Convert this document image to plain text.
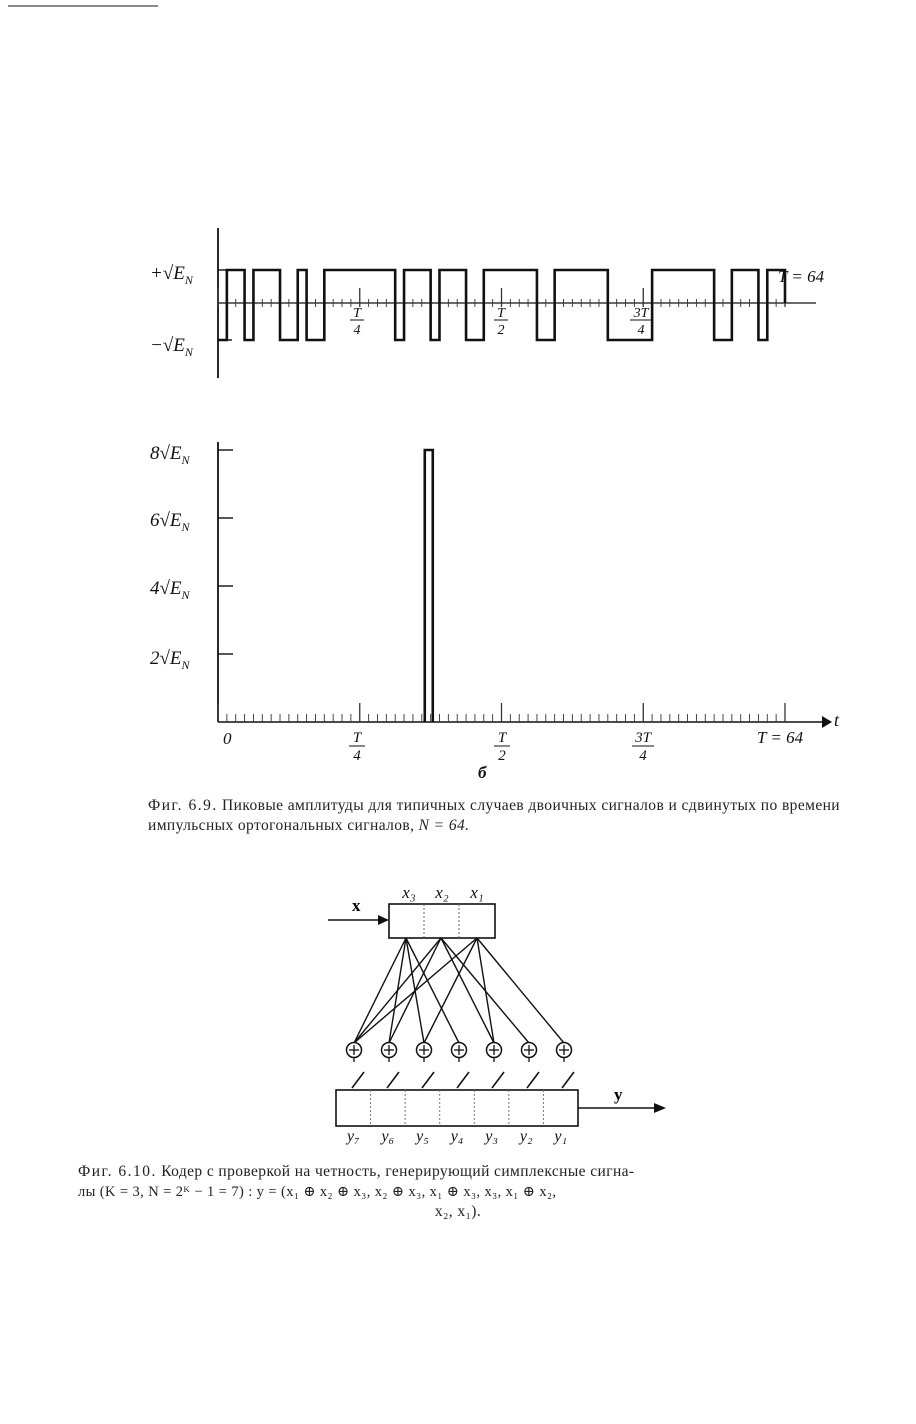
$+√E_N$
$-√E_N$
T
4
T
2
3T
4
T = 64
$8√E_N$
$6√E_N$
$4√E_N$
$2√E_N$
0	T
4
T
2
3T
4
T = 64
t
б
x₃ x₂ x₁
x
y
y₇	y₆	y₅	y₄	y₃	y₂	y₁
Фиг. 6.9. Пиковые амплитуды для типичных случаев двоичных сигналов и сдвинутых по времени импульсных ортогональных сигналов, N = 64.
Фиг. 6.10. Кодер с проверкой на четность, генерирующий симплексные сигна-
лы (K = 3, N = 2ᴷ − 1 = 7) : y = (x₁ ⊕ x₂ ⊕ x₃, x₂ ⊕ x₃, x₁ ⊕ x₃, x₃, x₁ ⊕ x₂,
x₂, x₁).
